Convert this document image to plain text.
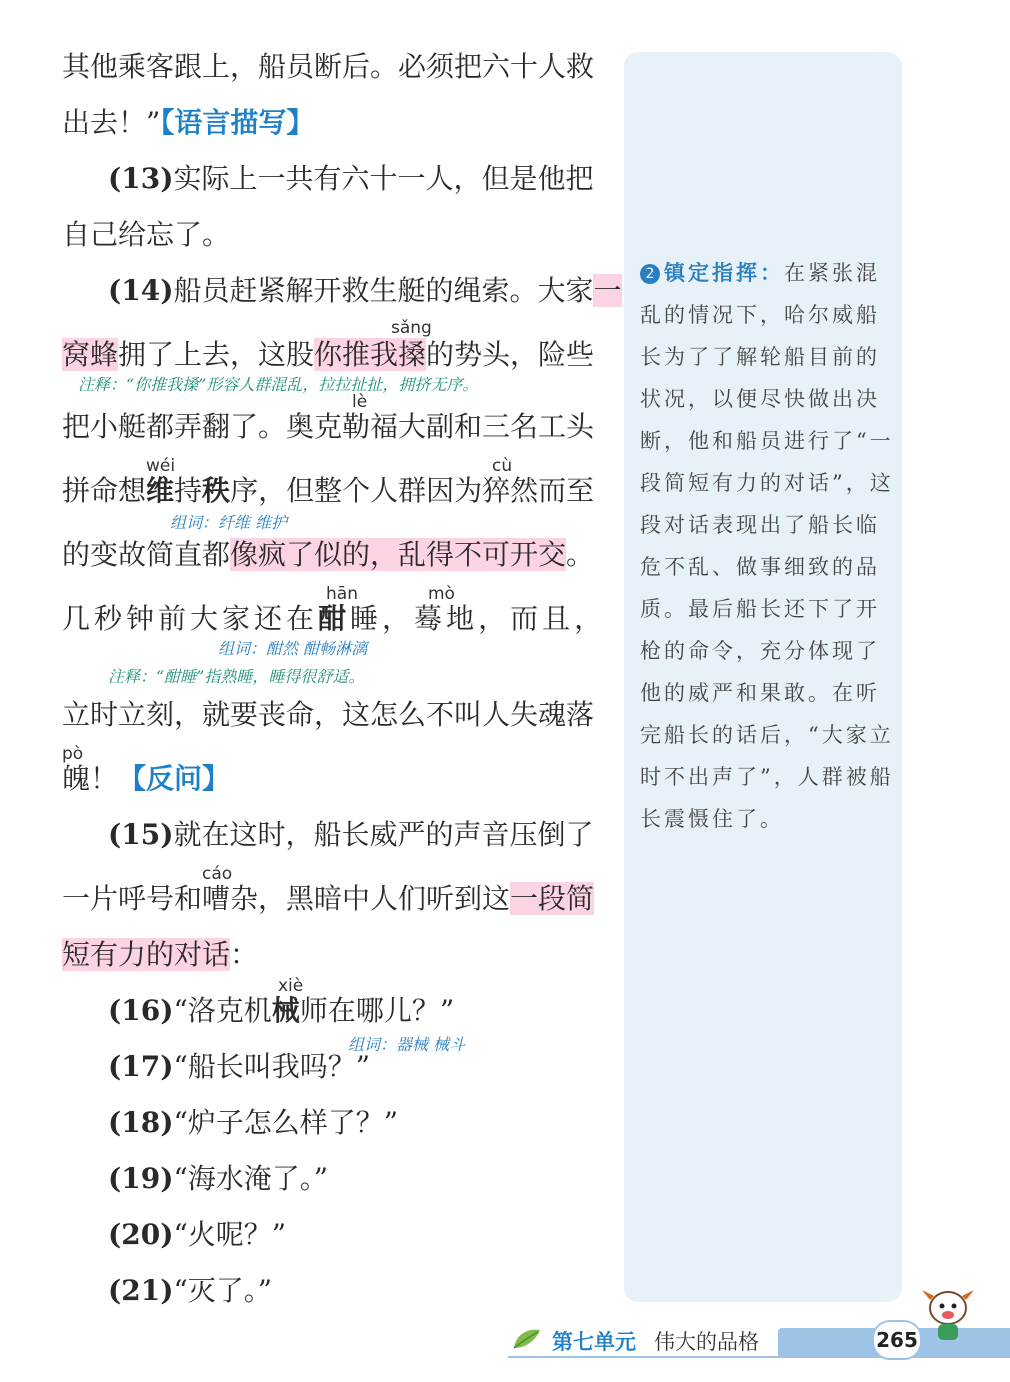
2 镇定指挥：在紧张混乱的情况下，哈尔威船长为了了解轮船目前的状况，以便尽快做出决断，他和船员进行了“一段简短有力的对话”，这段对话表现出了船长临危不乱、做事细致的品质。最后船长还下了开枪的命令，充分体现了他的威严和果敢。在听完船长的话后，“大家立时不出声了”，人群被船长震慑住了。
其他乘客跟上，船员断后。必须把六十人救
出去！”【语言描写】
(13)实际上一共有六十一人，但是他把
自己给忘了。
(14)船员赶紧解开救生艇的绳索。大家一
sǎng
窝蜂拥了上去，这股你推我搡的势头，险些
注释：“你推我搡”形容人群混乱，拉拉扯扯，拥挤无序。
lè
把小艇都弄翻了。奥克勒福大副和三名工头
wéi	cù
拼命想维持秩序，但整个人群因为猝然而至
组词：纤维 维护
的变故简直都像疯了似的，乱得不可开交。
hān	mò
几秒钟前大家还在酣睡，蓦地，而且，
组词：酣然 酣畅淋漓
注释：“酣睡”指熟睡，睡得很舒适。
立时立刻，就要丧命，这怎么不叫人失魂落
pò
魄！【反问】
(15)就在这时，船长威严的声音压倒了
cáo
一片呼号和嘈杂，黑暗中人们听到这一段简
短有力的对话：
xiè
(16)“洛克机械师在哪儿？”
组词：器械 械斗
(17)“船长叫我吗？”
(18)“炉子怎么样了？”
(19)“海水淹了。”
(20)“火呢？”
(21)“灭了。”
第七单元 伟大的品格	265
